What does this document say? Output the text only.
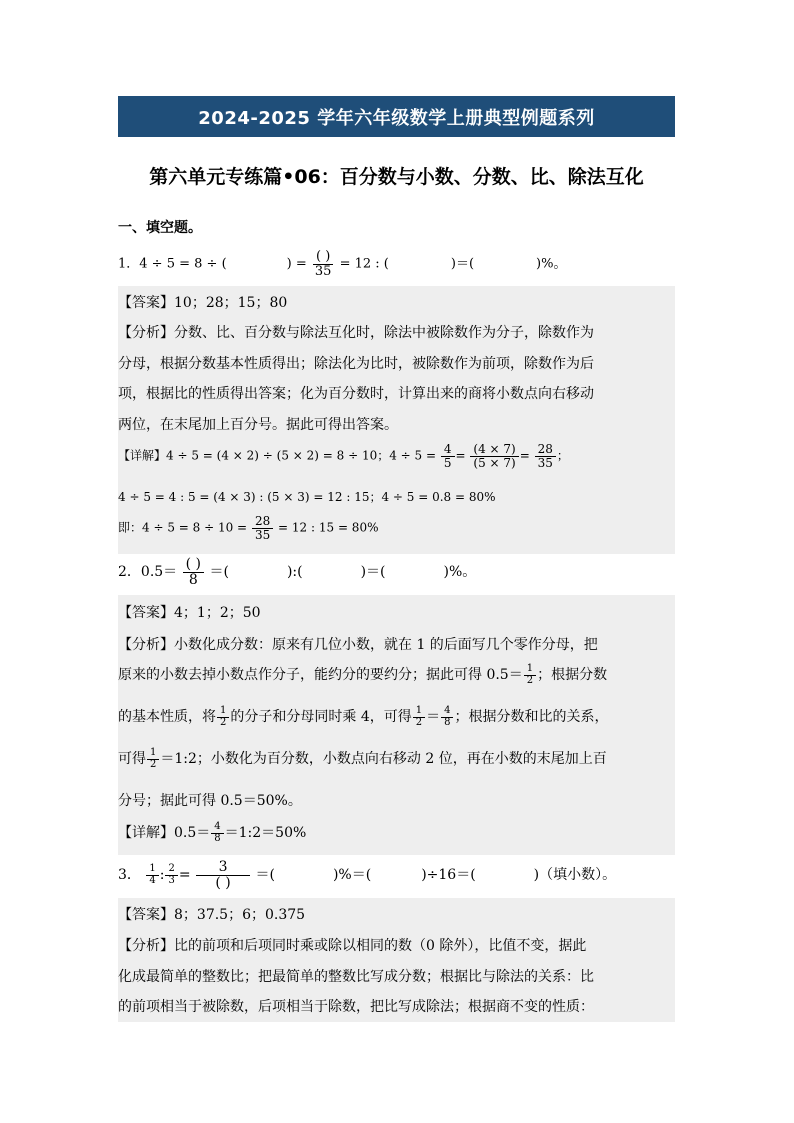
2024-2025 学年六年级数学上册典型例题系列
第六单元专练篇•06：百分数与小数、分数、比、除法互化
一、填空题。
1．4 ÷ 5 = 8 ÷ (	) = $\frac{( )}{35} = 12$ : (	)＝(	)%。
【答案】10；28；15；80
【分析】分数、比、百分数与除法互化时，除法中被除数作为分子，除数作为
分母，根据分数基本性质得出；除法化为比时，被除数作为前项，除数作为后
项，根据比的性质得出答案；化为百分数时，计算出来的商将小数点向右移动
两位，在末尾加上百分号。据此可得出答案。
【详解】4 ÷ 5 = (4 × 2) ÷ (5 × 2) = 8 ÷ 10；$4 \div 5 = \frac{4}{5} = \frac{(4 \times 7)}{(5 \times 7)} = \frac{28}{35}$ ；
4 ÷ 5 = 4 : 5 = (4 × 3) : (5 × 3) = 12 : 15；4 ÷ 5 = 0.8 = 80%
即：$4 \div 5 = 8 \div 10 = \frac{28}{35} = 12$ : 15 = 80%
2．$0.5= \frac{( )}{8}$ ＝(	):(	)＝(	)%。
【答案】4；1；2；50
【分析】小数化成分数：原来有几位小数，就在 1 的后面写几个零作分母，把
原来的小数去掉小数点作分子，能约分的要约分；据此可得 $0.5= \frac{1}{2}$ ；根据分数
的基本性质，将 $\frac{1}{2}$ 的分子和分母同时乘 4，可得 $\frac{1}{2} = \frac{4}{8}$ ；根据分数和比的关系，
可得 $\frac{1}{2}$ ＝1:2；小数化为百分数，小数点向右移动 2 位，再在小数的末尾加上百
分号；据此可得 0.5＝50%。
【详解】$0.5= \frac{4}{8}$ ＝1:2＝50%
3． $\frac{1}{4}$ : $\frac{2}{3} = \frac{3}{( )}$ ＝(	)%＝(	)÷16＝(	)（填小数）。
【答案】8；37.5；6；0.375
【分析】比的前项和后项同时乘或除以相同的数（0 除外），比值不变，据此
化成最简单的整数比；把最简单的整数比写成分数；根据比与除法的关系：比
的前项相当于被除数，后项相当于除数，把比写成除法；根据商不变的性质：
